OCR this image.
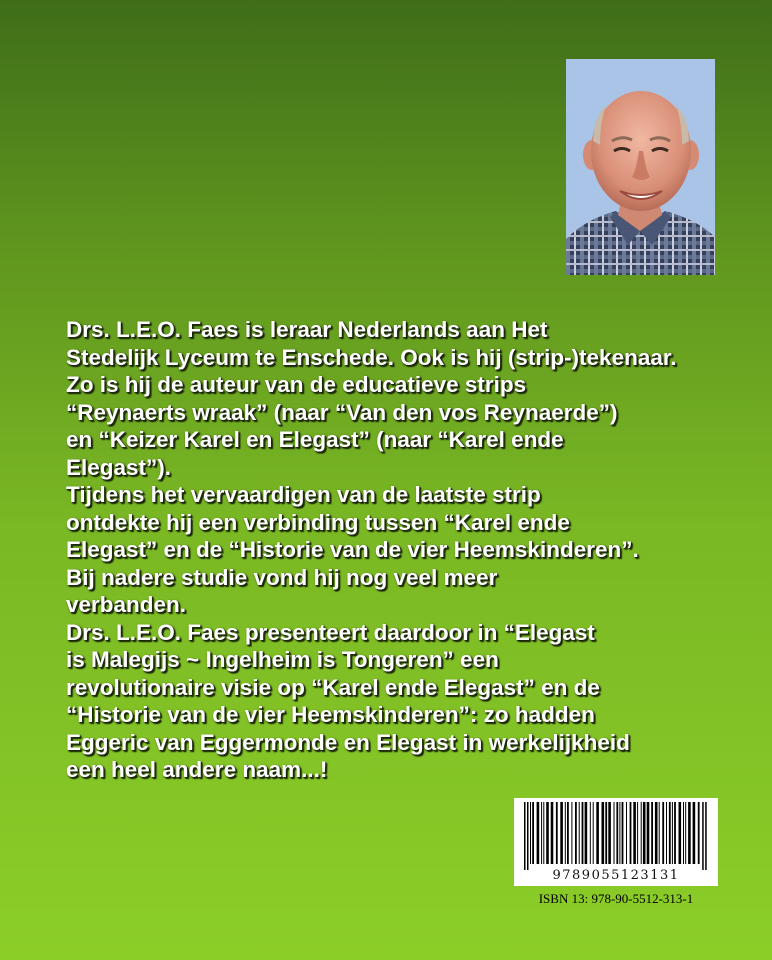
Drs. L.E.O. Faes is leraar Nederlands aan Het

Stedelijk Lyceum te Enschede. Ook is hij (strip-)tekenaar.

Zo is hij de auteur van de educatieve strips

“Reynaerts wraak” (naar “Van den vos Reynaerde”)

en “Keizer Karel en Elegast” (naar “Karel ende

Elegast”).

Tijdens het vervaardigen van de laatste strip

ontdekte hij een verbinding tussen “Karel ende

Elegast” en de “Historie van de vier Heemskinderen”.

Bij nadere studie vond hij nog veel meer

verbanden.

Drs. L.E.O. Faes presenteert daardoor in “Elegast

is Malegijs ~ Ingelheim is Tongeren” een

revolutionaire visie op “Karel ende Elegast” en de

“Historie van de vier Heemskinderen”: zo hadden

Eggeric van Eggermonde en Elegast in werkelijkheid

een heel andere naam...!

9789055123131
ISBN 13: 978-90-5512-313-1
